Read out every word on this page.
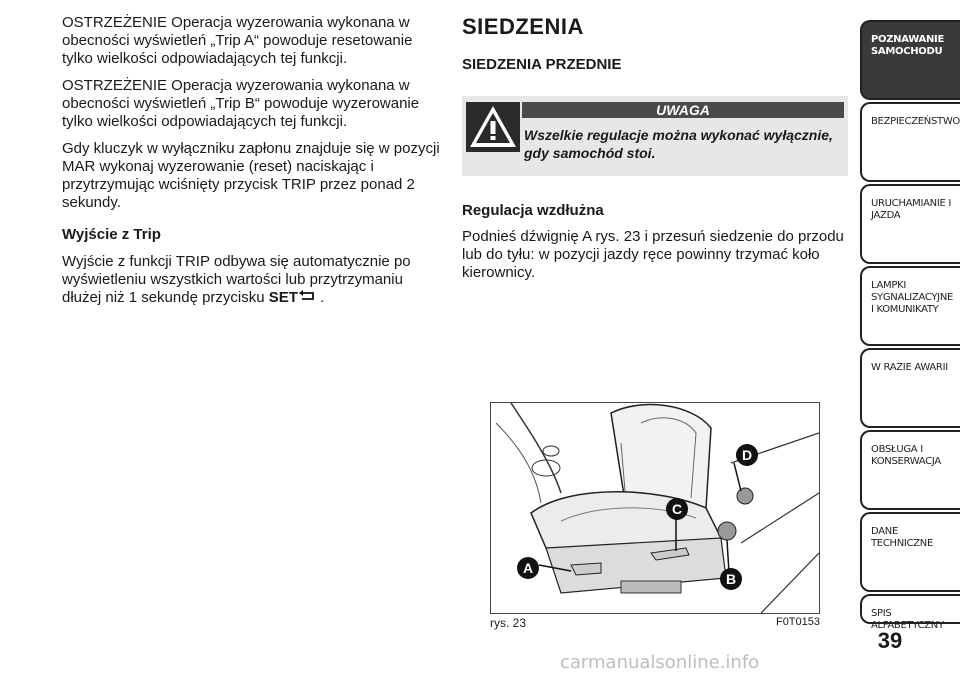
OSTRZEŻENIE Operacja wyzerowania wykonana w obecności wyświetleń „Trip A“ powoduje resetowanie tylko wielkości odpowiadających tej funkcji.

OSTRZEŻENIE Operacja wyzerowania wykonana w obecności wyświetleń „Trip B“ powoduje wyzerowanie tylko wielkości odpowiadających tej funkcji.

Gdy kluczyk w wyłączniku zapłonu znajduje się w pozycji MAR wykonaj wyzerowanie (reset) naciskając i przytrzymując wciśnięty przycisk TRIP przez ponad 2 sekundy.

Wyjście z Trip

Wyjście z funkcji TRIP odbywa się automatycznie po wyświetleniu wszystkich wartości lub przytrzymaniu dłużej niż 1 sekundę przycisku SET .

SIEDZENIA
SIEDZENIA PRZEDNIE
UWAGA
Wszelkie regulacje można wykonać wyłącznie, gdy samochód stoi.
Regulacja wzdłużna

Podnieś dźwignię A rys. 23 i przesuń siedzenie do przodu lub do tyłu: w pozycji jazdy ręce powinny trzymać koło kierownicy.

A
B
C
D
rys. 23	F0T0153
POZNAWANIE SAMOCHODU
BEZPIECZEŃSTWO
URUCHAMIANIE I JAZDA
LAMPKI SYGNALIZACYJNE I KOMUNIKATY
W RAZIE AWARII
OBSŁUGA I KONSERWACJA
DANE TECHNICZNE
SPIS ALFABETYCZNY
39
carmanualsonline.info
